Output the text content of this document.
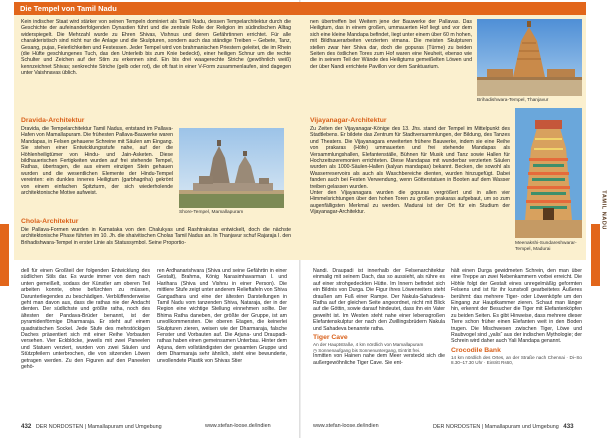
TAMIL NADU
Die Tempel von Tamil Nadu

Kein indischer Staat wird stärker von seinen Tempeln dominiert als Tamil Nadu, dessen Tempelarchitektur durch die Geschichte der aufeinanderfolgenden Dynastien führt und die zentrale Rolle der Religion im südindischen Alltag widerspiegelt. Die Mehrzahl wurde zu Ehren Shivas, Vishnus und deren Gefährtinnen errichtet. Für alle charakteristisch sind nicht nur die Anlage und die Skulpturen, sondern auch das ständige Treiben – Gebete, Tanz, Gesang, pujas, Feierlichkeiten und Festessen. Jeder Tempel wird von brahmanischen Priestern geleitet, die im Rhein (die Hüfte geschlungenes Tuch, das den Unterleib bis zum Knie bedeckt), einer heiligen Schnur um die rechte Schulter und Zeichen auf der Stirn zu erkennen sind. Ein bis drei waagerechte Striche (gewöhnlich weiß) kennzeichnet Shivas; senkrechte Striche (gelb oder rot), die oft fast in einer V-Form zusammenlaufen, sind dagegen unter Vaishnavas üblich.

Dravida-Architektur

Dravida, die Tempelarchitektur Tamil Nadus, entstand im Pallava-Hafen von Mamallapuram. Die frühesten Pallava-Bauwerke waren Mandapas, in Felsen gehauene Schreine mit Säulen am Eingang. Sie stehen einer Entwicklungsstufe nahe, auf der die Höhlenheiligtümer von Hindu- und Jain-Asketen. Diese bildhauerischen Fertigkeiten wurden auf frei stehende Tempel, Rathas, übertragen, die aus einem einzigen Stein gehauen wurden und die wesentlichen Elemente der Hindu-Tempel vereinten: ein dunkles inneres Heiligtum (garbhagriha) gekrönt von einem einfachen Spitzturm, der sich wiederholende architektonische Motive aufweist.

Shore-Tempel, Mamallapuram
Chola-Architektur

Die Pallava-Formen wurden in Karnataka von den Chalukyas und Rashtrakutas entwickelt, doch die nächste architektonische Phase führten im 10. Jh. die shaivitischen Cholas Tamil Nadus an. In Thanjavur schuf Rajaraja I. den Brihadishwara-Tempel in erster Linie als Statussymbol. Seine Proportio-

nen übertreffen bei Weitem jene der Bauwerke der Pallavas. Das Heiligtum, das in einem großen, ummauerten Hof liegt und vor dem sich eine kleine Mandapa befindet, liegt unter einem über 60 m hohen, mit Bildhauerarbeiten verzierten vimana. Die meisten Skulpturen stellen zwar hier Shiva dar, doch die gopuras (Türme) zu beiden Seiten des östlichen Tores zum Hof waren eine Neuheit, ebenso wie die in seinem Teil der Wände des Heiligtums gemeißelten Löwen und der über Nandi errichtete Pavillon vor dem Sanktuarium.

Brihadishwara-Tempel, Thanjavur
Vijayanagar-Architektur

Zu Zeiten der Vijayanagar-Könige des 13. Jhs. stand der Tempel im Mittelpunkt des Stadtlebens. Er bildete das Zentrum für Stadtversammlungen, der Bildung, des Tanzes und Theaters. Die Vijayanagara erweiterten frühere Bauwerke, indem sie eine Reihe von prakaras (Höfe) ummauerten und frei stehende Mandapas als Versammlungshallen, Elefantenställe, Bühnen für Musik und Tanz sowie Hallen für Hochzeitszeremonien errichteten. Diese Mandapas mit wunderbar verzierten Säulen wurden als 1000-Säulen-Hallen (kalyan mandapas) bekannt. Becken, die sowohl als Wasserreservoirs als auch als Waschbereiche dienten, wurden hinzugefügt. Dabei fanden auch bei Festen Verwendung, wenn Götterstatuen in Booten auf dem Wasser treiben gelassen wurden.

Unter den Vijayanagara wurden die gopuras vergrößert und in allen vier Himmelsrichtungen über den hohen Toren zu großen prakaras aufgebaut, um so zum augenfälligsten Merkmal zu werden. Madurai ist der Ort für ein Studium der Vijayanagar-Architektur.

Meenakshi-Sundareshwarar-Tempel, Madurai

dell für einen Großteil der folgenden Entwicklung des südlichen Stils dar. Es wurde immer von dem nach unten gemeißelt, sodass der Künstler am oberen Teil arbeiten konnte, ohne befürchten zu müssen, Darunterliegendes zu beschädigen. Verblüffenderweise geht man davon aus, dass die rathas nie der Andacht dienten. Der südlichste und größte ratha, noch des ältesten der Pandava-Brüder benannt, ist der pyramidenförmige Dharmaraja. Er steht auf einem quadratischen Sockel. Jede Stufe des mehrstöckigen Daches präsentiert sich mit einer Reihe Vorbauten versehen. Vier Eckblöcke, jeweils mit zwei Paneelen und Statuen verziert, wurden von zwei Säulen und Stützpfeilern unterbrochen, die von sitzenden Löwen getragen werden. Zu den Figuren auf den Paneelen gehö-

ren Ardhanarishvara (Shiva und seine Gefährtin in einer Gestalt), Brahma, König Narasimhavarman I. und Harihara (Shiva und Vishnu in einer Person). Die mittlere Stufe zeigt unter anderem Relieftafeln von Shiva Gangadhara und eine der ältesten Darstellungen in Tamil Nadu vom tanzenden Shiva, Nataraja, der in der Region eine wichtige Stellung einnehmen sollte. Der Bhima Ratha daneben, der größte der Gruppe, ist am unvollkommensten. Die oberen Etagen, die keinerlei Skulpturen zieren, weisen wie der Dharmaraja, falsche Fenster und Vorbauten auf. Die Arjuna- und Draupadi-rathas haben einen gemeinsamen Unterbau. Hinter dem Arjuna, dem vollständigsten der gesamten Gruppe und dem Dharmaraja sehr ähnlich, steht eine bewunderte, unvollendete Plastik von Shivas Stier

Nandi. Draupadi ist innerhalb der Felsenarchitektur einmalig mit seinem Dach, das so aussieht, als rühre es auf einer strohgedeckten Hütte. Im Innern befindet sich ein Bildnis von Durga. Die Figur ihres Löwenreiters steht draußen am Fuß einer Rampe. Der Nakula-Sahadeva-Ratha auf der gleichen Seite angeordnet, nicht mit Blick auf die Göttin, sowie darauf hindeutet, dass ihn ein Vater geweiht ist. Im Westen steht nahe einer lebensgroßen Elefantenskulptur der nach den Zwillingsbrüdern Nakula und Sahadeva benannte ratha.

Tiger Cave
An der Hauptstraße, 4 km nördlich von Mamallapuram
◷ Sonnenaufgang bis Sonnenuntergang, Eintritt frei.

Inmitten von Hainen nahe dem Meer versteckt sich die außergewöhnliche Tiger Cave. Sie ent-

hält einen Durga gewidmeten Schrein, den man über eine Treppe an zwei Nebenkammern vorbei erreicht. Die Höhle folgt der Gestalt eines unregelmäßig geformten Felsens und ist für ihr kunstvoll gearbeitetes Äußeres berühmt: das mehrere Tiger- oder Löwenköpfe um den Eingang zur Hauptkammer zieren. Schaut man länger hin, erkennt der Besucher die Tiger mit Elefantenköpfen zu beiden Seiten. Es gibt Hinweise, dass mehrere dieser Tiere schon früher einen Elefanten weit in den Boden trugen. Die Mischwesen zwischen Tiger, Löwe und Raubvogel sind „yalis“ aus der indischen Mythologie; der Schrein wird daher auch Yali Mandapa genannt.

Crocodile Bank
14 km nördlich des Ortes, an der Straße nach Chennai · Di–So 8.30–17.30 Uhr · Eintritt Rs60,
432 DER NORDOSTEN | Mamallapuram und Umgebung	www.stefan-loose.de/indien	www.stefan-loose.de/indien	DER NORDOSTEN | Mamallapuram und Umgebung 433
